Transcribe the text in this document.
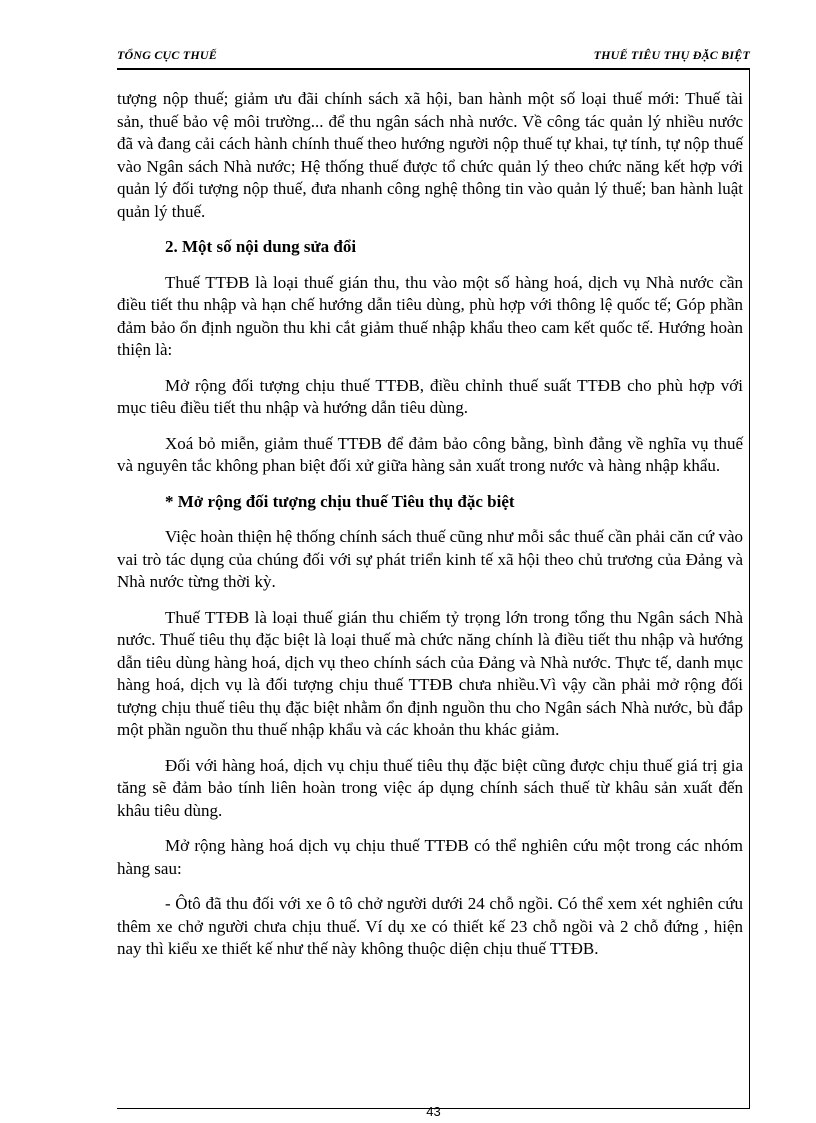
TỔNG CỤC THUẾ	THUẾ TIÊU THỤ ĐẶC BIỆT

tượng nộp thuế; giảm ưu đãi chính sách xã hội, ban hành một số loại thuế mới: Thuế tài sản, thuế bảo vệ môi trường... để thu ngân sách nhà nước. Về công tác quản lý nhiều nước đã và đang cải cách hành chính thuế theo hướng người nộp thuế tự khai, tự tính, tự nộp thuế vào Ngân sách Nhà nước; Hệ thống thuế được tổ chức quản lý theo chức năng kết hợp với quản lý đối tượng nộp thuế, đưa nhanh công nghệ thông tin vào quản lý thuế; ban hành luật quản lý thuế.

2. Một số nội dung sửa đổi

Thuế TTĐB là loại thuế gián thu, thu vào một số hàng hoá, dịch vụ Nhà nước cần điều tiết thu nhập và hạn chế hướng dẫn tiêu dùng, phù hợp với thông lệ quốc tế; Góp phần đảm bảo ổn định nguồn thu khi cắt giảm thuế nhập khẩu theo cam kết quốc tế. Hướng hoàn thiện là:

Mở rộng đối tượng chịu thuế TTĐB, điều chỉnh thuế suất TTĐB cho phù hợp với mục tiêu điều tiết thu nhập và hướng dẫn tiêu dùng.

Xoá bỏ miễn, giảm thuế TTĐB để đảm bảo công bằng, bình đẳng về nghĩa vụ thuế và nguyên tắc không phan biệt đối xử giữa hàng sản xuất trong nước và hàng nhập khẩu.

* Mở rộng đối tượng chịu thuế Tiêu thụ đặc biệt

Việc hoàn thiện hệ thống chính sách thuế cũng như mỗi sắc thuế cần phải căn cứ vào vai trò tác dụng của chúng đối với sự phát triển kinh tế xã hội theo chủ trương của Đảng và Nhà nước từng thời kỳ.

Thuế TTĐB là loại thuế gián thu chiếm tỷ trọng lớn trong tổng thu Ngân sách Nhà nước. Thuế tiêu thụ đặc biệt là loại thuế mà chức năng chính là điều tiết thu nhập và hướng dẫn tiêu dùng hàng hoá, dịch vụ theo chính sách của Đảng và Nhà nước. Thực tế, danh mục hàng hoá, dịch vụ là đối tượng chịu thuế TTĐB chưa nhiều.Vì vậy cần phải mở rộng đối tượng chịu thuế tiêu thụ đặc biệt nhằm ổn định nguồn thu cho Ngân sách Nhà nước, bù đắp một phần nguồn thu thuế nhập khẩu và các khoản thu khác giảm.

Đối với hàng hoá, dịch vụ chịu thuế tiêu thụ đặc biệt cũng được chịu thuế giá trị gia tăng sẽ đảm bảo tính liên hoàn trong việc áp dụng chính sách thuế từ khâu sản xuất đến khâu tiêu dùng.

Mở rộng hàng hoá dịch vụ chịu thuế TTĐB có thể nghiên cứu một trong các nhóm hàng sau:

- Ôtô đã thu đối với xe ô tô chở người dưới 24 chỗ ngồi. Có thể xem xét nghiên cứu thêm xe chở người chưa chịu thuế. Ví dụ xe có thiết kế 23 chỗ ngồi và 2 chỗ đứng , hiện nay thì kiểu xe thiết kế như thế này không thuộc diện chịu thuế TTĐB.

43
